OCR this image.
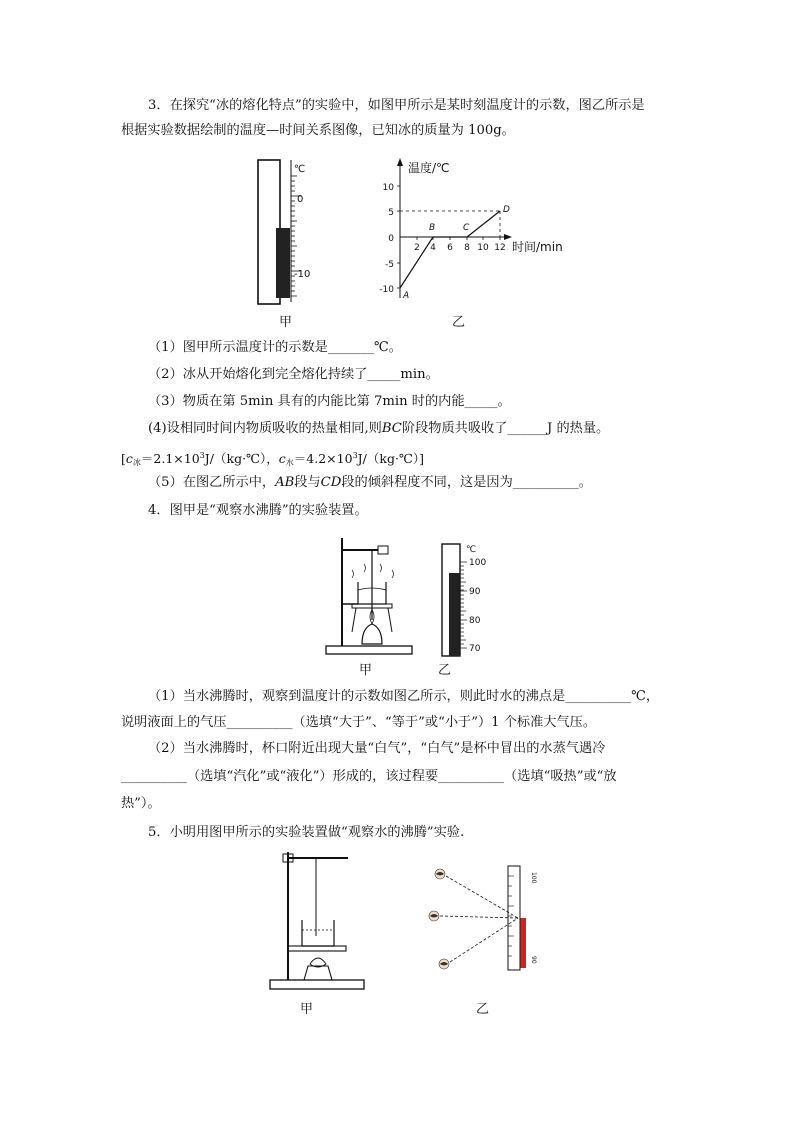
3．在探究“冰的熔化特点”的实验中，如图甲所示是某时刻温度计的示数，图乙所示是
根据实验数据绘制的温度—时间关系图像，已知冰的质量为 100g。
℃
0
-10
甲
温度/℃
时间/min
10
5
0
-5
-10
2 4 6 8 10 12
A
B	C
D
乙
（1）图甲所示温度计的示数是_______℃。
（2）冰从开始熔化到完全熔化持续了_____min。
（3）物质在第 5min 具有的内能比第 7min 时的内能_____。
(4)设相同时间内物质吸收的热量相同,则BC阶段物质共吸收了______J 的热量。
[$c_冰=2.1\times 10^3J/(kg\cdot℃)$，$c_水=4.2\times 10^3J/(kg\cdot℃)$]
（5）在图乙所示中，AB段与CD段的倾斜程度不同，这是因为__________。
4．图甲是“观察水沸腾”的实验装置。
甲
℃
100
90
80
70
乙
（1）当水沸腾时，观察到温度计的示数如图乙所示，则此时水的沸点是__________℃，
说明液面上的气压__________（选填“大于”、“等于”或“小于”）1 个标准大气压。
（2）当水沸腾时，杯口附近出现大量“白气”，“白气”是杯中冒出的水蒸气遇冷
__________（选填“汽化”或“液化”）形成的，该过程要__________（选填“吸热”或“放
热”）。
5．小明用图甲所示的实验装置做“观察水的沸腾”实验.
甲
100
90
乙
